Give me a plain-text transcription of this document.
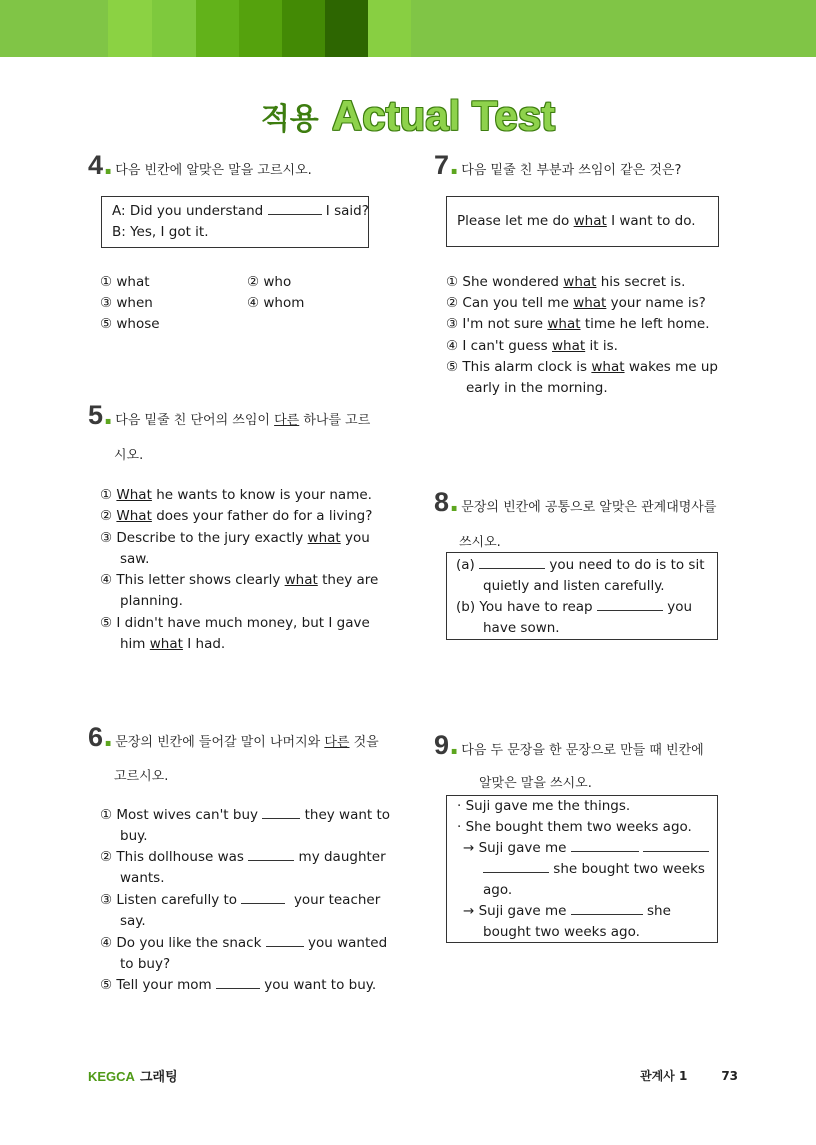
적용 Actual Test
4 . 다음 빈칸에 알맞은 말을 고르시오.
A: Did you understand	I said?
B: Yes, I got it.
① what	② who
③ when	④ whom
⑤ whose
5 . 다음 밑줄 친 단어의 쓰임이 다른 하나를 고르
시오.
① What he wants to know is your name.
② What does your father do for a living?
③ Describe to the jury exactly what you
saw.
④ This letter shows clearly what they are
planning.
⑤ I didn't have much money, but I gave
him what I had.
6 . 문장의 빈칸에 들어갈 말이 나머지와 다른 것을
고르시오.
① Most wives can't buy	they want to
buy.
② This dollhouse was	my daughter
wants.
③ Listen carefully to	your teacher
say.
④ Do you like the snack	you wanted
to buy?
⑤ Tell your mom	you want to buy.
7 . 다음 밑줄 친 부분과 쓰임이 같은 것은?
Please let me do what I want to do.
① She wondered what his secret is.
② Can you tell me what your name is?
③ I'm not sure what time he left home.
④ I can't guess what it is.
⑤ This alarm clock is what wakes me up
early in the morning.
8 . 문장의 빈칸에 공통으로 알맞은 관계대명사를
쓰시오.
(a)	you need to do is to sit
quietly and listen carefully.
(b) You have to reap	you
have sown.
9 . 다음 두 문장을 한 문장으로 만들 때 빈칸에
알맞은 말을 쓰시오.
· Suji gave me the things.
· She bought them two weeks ago.
→ Suji gave me
she bought two weeks
ago.
→ Suji gave me	she
bought two weeks ago.
KEGCA 그래팅	관계사 1	73
